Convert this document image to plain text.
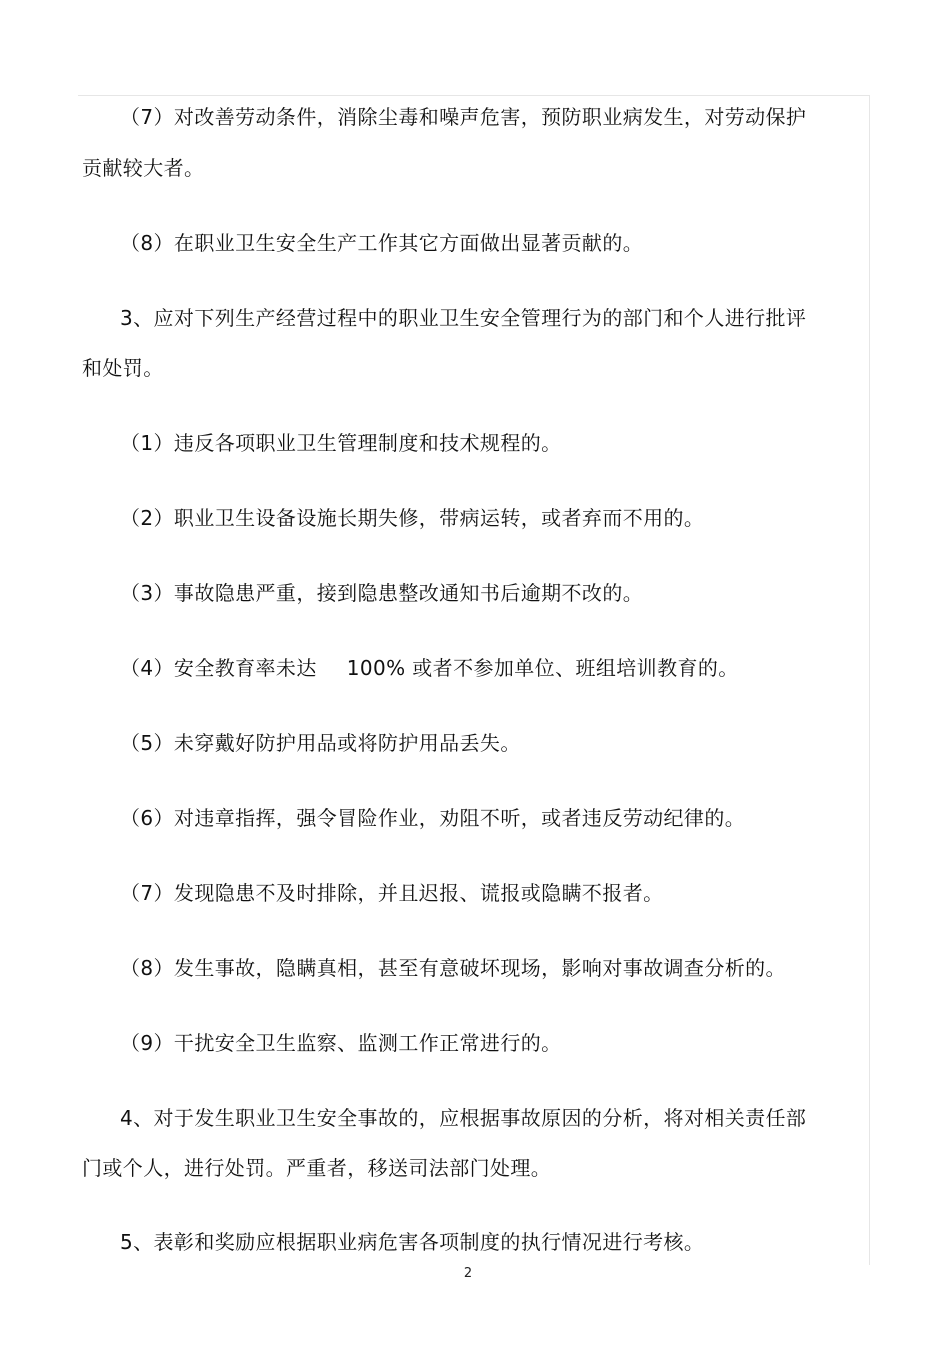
（7）对改善劳动条件，消除尘毒和噪声危害，预防职业病发生，对劳动保护

贡献较大者。

（8）在职业卫生安全生产工作其它方面做出显著贡献的。

3、应对下列生产经营过程中的职业卫生安全管理行为的部门和个人进行批评

和处罚。

（1）违反各项职业卫生管理制度和技术规程的。

（2）职业卫生设备设施长期失修，带病运转，或者弃而不用的。

（3）事故隐患严重，接到隐患整改通知书后逾期不改的。

（4）安全教育率未达 100% 或者不参加单位、班组培训教育的。

（5）未穿戴好防护用品或将防护用品丢失。

（6）对违章指挥，强令冒险作业，劝阻不听，或者违反劳动纪律的。

（7）发现隐患不及时排除，并且迟报、谎报或隐瞒不报者。

（8）发生事故，隐瞒真相，甚至有意破坏现场，影响对事故调查分析的。

（9）干扰安全卫生监察、监测工作正常进行的。

4、对于发生职业卫生安全事故的，应根据事故原因的分析，将对相关责任部

门或个人，进行处罚。严重者，移送司法部门处理。

5、表彰和奖励应根据职业病危害各项制度的执行情况进行考核。

2
